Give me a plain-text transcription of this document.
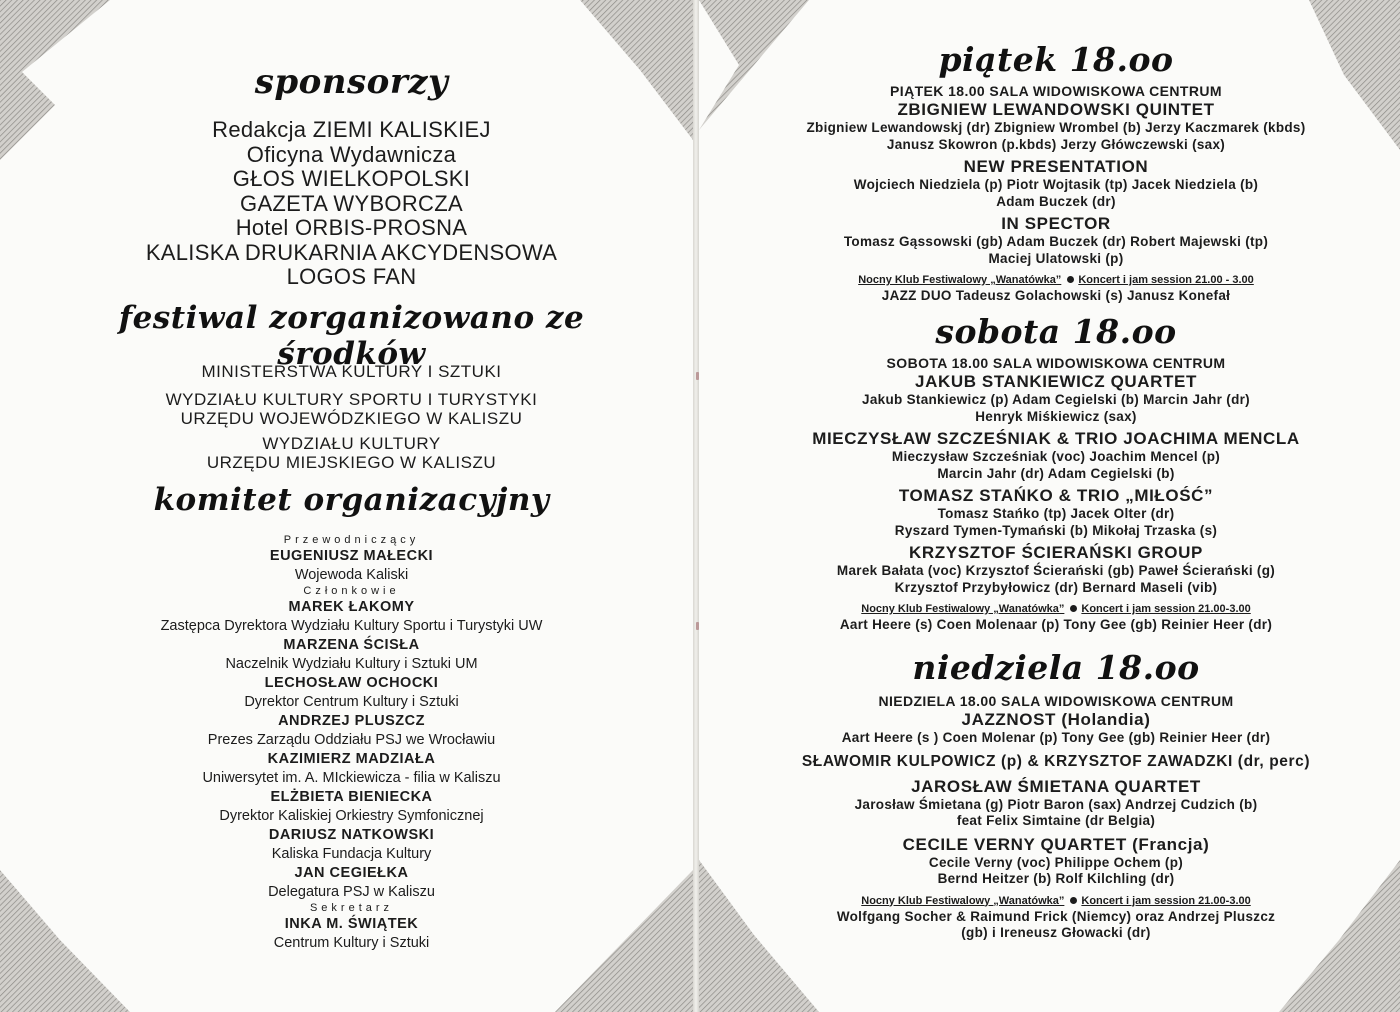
sponsorzy
Redakcja ZIEMI KALISKIEJ
Oficyna Wydawnicza
GŁOS WIELKOPOLSKI
GAZETA WYBORCZA
Hotel ORBIS-PROSNA
KALISKA DRUKARNIA AKCYDENSOWA
LOGOS FAN
festiwal zorganizowano ze środków
MINISTERSTWA KULTURY I SZTUKI
WYDZIAŁU KULTURY SPORTU I TURYSTYKI
URZĘDU WOJEWÓDZKIEGO W KALISZU
WYDZIAŁU KULTURY
URZĘDU MIEJSKIEGO W KALISZU
komitet organizacyjny
Przewodniczący
EUGENIUSZ MAŁECKI
Wojewoda Kaliski
Członkowie
MAREK ŁAKOMY
Zastępca Dyrektora Wydziału Kultury Sportu i Turystyki UW
MARZENA ŚCISŁA
Naczelnik Wydziału Kultury i Sztuki UM
LECHOSŁAW OCHOCKI
Dyrektor Centrum Kultury i Sztuki
ANDRZEJ PLUSZCZ
Prezes Zarządu Oddziału PSJ we Wrocławiu
KAZIMIERZ MADZIAŁA
Uniwersytet im. A. MIckiewicza - filia w Kaliszu
ELŻBIETA BIENIECKA
Dyrektor Kaliskiej Orkiestry Symfonicznej
DARIUSZ NATKOWSKI
Kaliska Fundacja Kultury
JAN CEGIEŁKA
Delegatura PSJ w Kaliszu
Sekretarz
INKA M. ŚWIĄTEK
Centrum Kultury i Sztuki
piątek 18.oo
PIĄTEK 18.00 SALA WIDOWISKOWA CENTRUM
ZBIGNIEW LEWANDOWSKI QUINTET
Zbigniew Lewandowskj (dr) Zbigniew Wrombel (b) Jerzy Kaczmarek (kbds)
Janusz Skowron (p.kbds) Jerzy Główczewski (sax)
NEW PRESENTATION
Wojciech Niedziela (p) Piotr Wojtasik (tp) Jacek Niedziela (b)
Adam Buczek (dr)
IN SPECTOR
Tomasz Gąssowski (gb) Adam Buczek (dr) Robert Majewski (tp)
Maciej Ulatowski (p)
Nocny Klub Festiwalowy „Wanatówka” Koncert i jam session 21.00 - 3.00
JAZZ DUO Tadeusz Golachowski (s) Janusz Konefał
sobota 18.oo
SOBOTA 18.00 SALA WIDOWISKOWA CENTRUM
JAKUB STANKIEWICZ QUARTET
Jakub Stankiewicz (p) Adam Cegielski (b) Marcin Jahr (dr)
Henryk Miśkiewicz (sax)
MIECZYSŁAW SZCZEŚNIAK & TRIO JOACHIMA MENCLA
Mieczysław Szcześniak (voc) Joachim Mencel (p)
Marcin Jahr (dr) Adam Cegielski (b)
TOMASZ STAŃKO & TRIO „MIŁOŚĆ”
Tomasz Stańko (tp) Jacek Olter (dr)
Ryszard Tymen-Tymański (b) Mikołaj Trzaska (s)
KRZYSZTOF ŚCIERAŃSKI GROUP
Marek Bałata (voc) Krzysztof Ścierański (gb) Paweł Ścierański (g)
Krzysztof Przybyłowicz (dr) Bernard Maseli (vib)
Nocny Klub Festiwalowy „Wanatówka” Koncert i jam session 21.00-3.00
Aart Heere (s) Coen Molenaar (p) Tony Gee (gb) Reinier Heer (dr)
niedziela 18.oo
NIEDZIELA 18.00 SALA WIDOWISKOWA CENTRUM
JAZZNOST (Holandia)
Aart Heere (s ) Coen Molenar (p) Tony Gee (gb) Reinier Heer (dr)
SŁAWOMIR KULPOWICZ (p) & KRZYSZTOF ZAWADZKI (dr, perc)
JAROSŁAW ŚMIETANA QUARTET
Jarosław Śmietana (g) Piotr Baron (sax) Andrzej Cudzich (b)
feat Felix Simtaine (dr Belgia)
CECILE VERNY QUARTET (Francja)
Cecile Verny (voc) Philippe Ochem (p)
Bernd Heitzer (b) Rolf Kilchling (dr)
Nocny Klub Festiwalowy „Wanatówka” Koncert i jam session 21.00-3.00
Wolfgang Socher & Raimund Frick (Niemcy) oraz Andrzej Pluszcz
(gb) i Ireneusz Głowacki (dr)
